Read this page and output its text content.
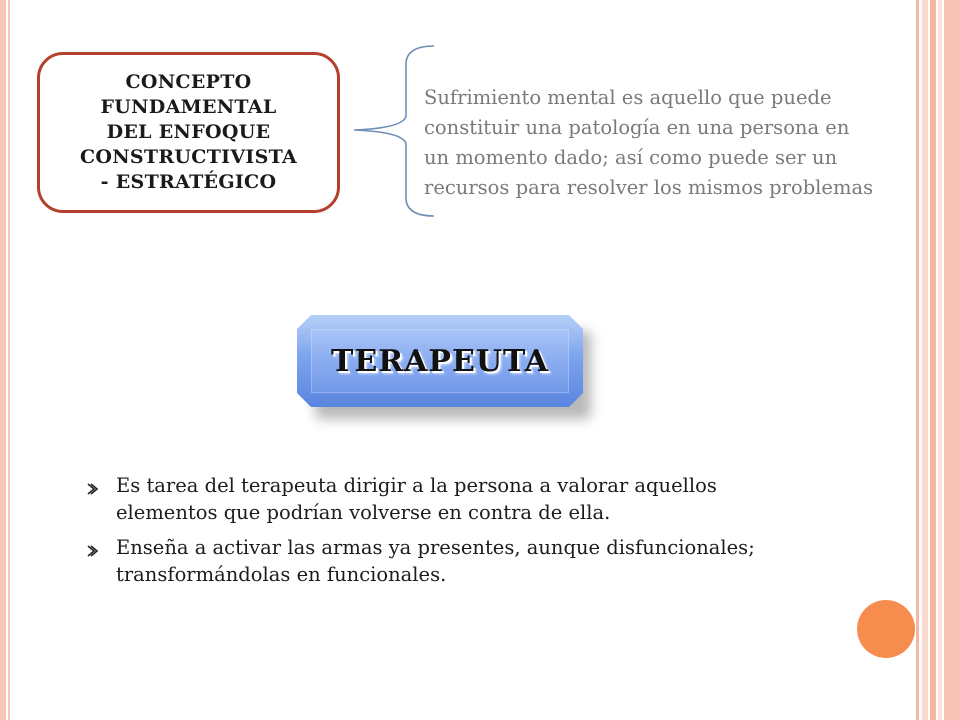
CONCEPTO
FUNDAMENTAL
DEL ENFOQUE
CONSTRUCTIVISTA
- ESTRATÉGICO
Sufrimiento mental es aquello que puede
constituir una patología en una persona en
un momento dado; así como puede ser un
recursos para resolver los mismos problemas
TERAPEUTA
Es tarea del terapeuta dirigir a la persona a valorar aquellos
elementos que podrían volverse en contra de ella.
Enseña a activar las armas ya presentes, aunque disfuncionales;
transformándolas en funcionales.
